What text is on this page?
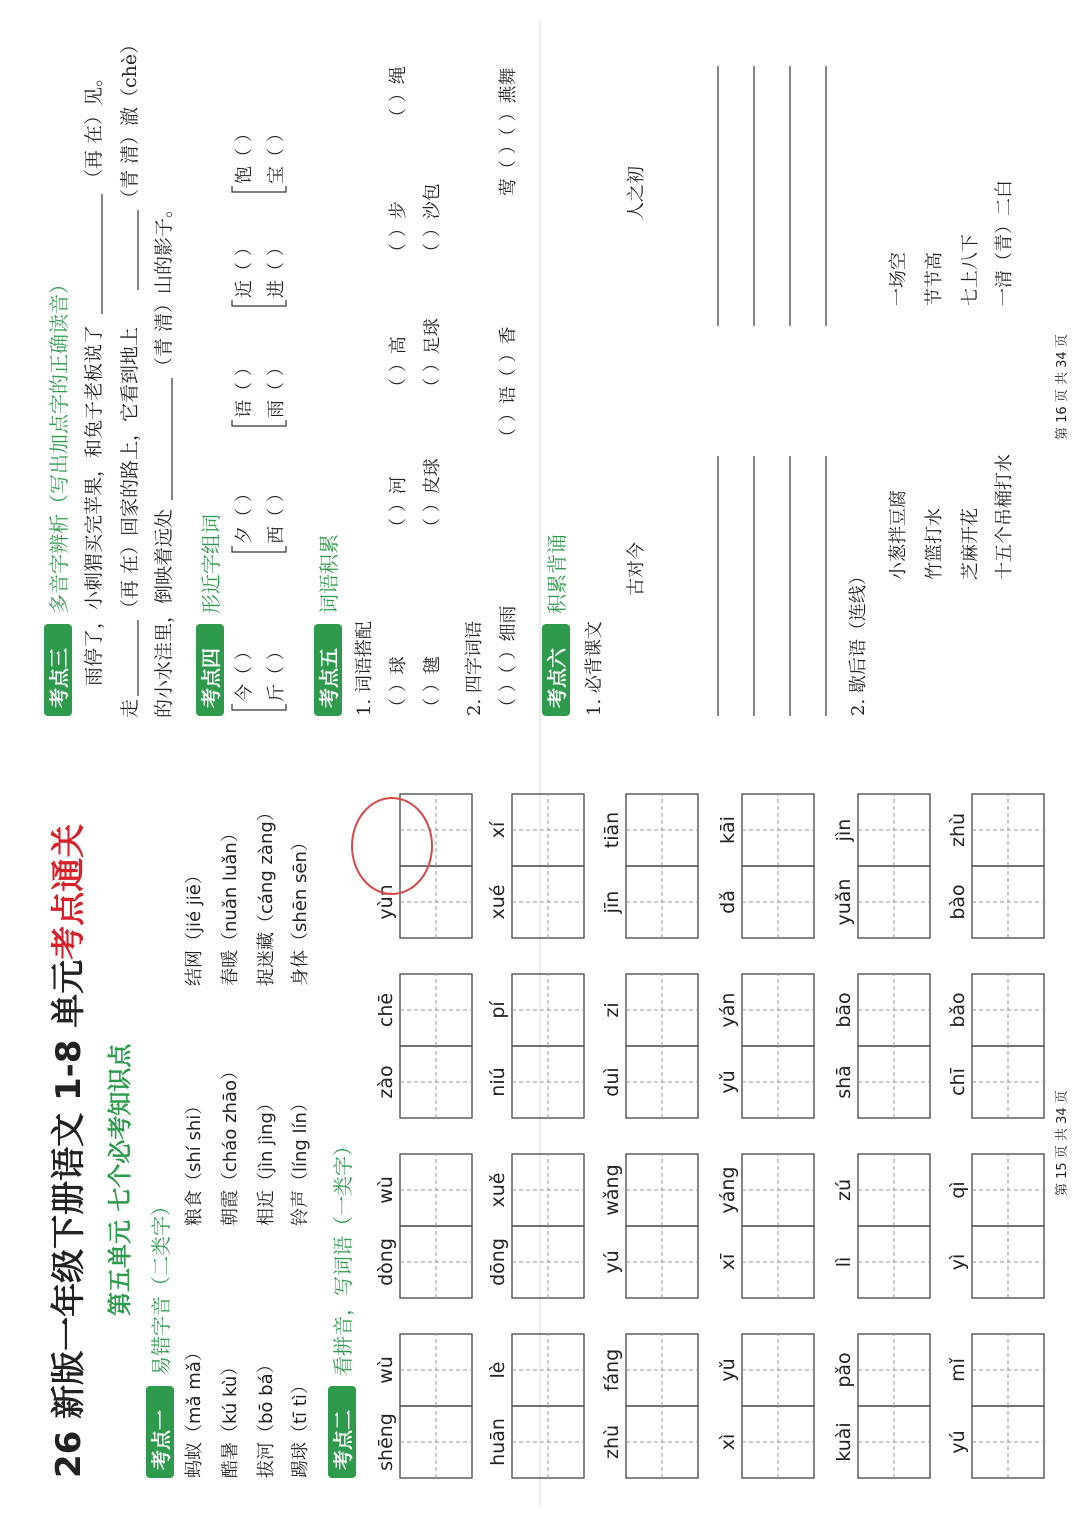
26 新版一年级下册语文 1-8 单元考点通关
第五单元 七个必考知识点
考点一
易错字音（二类字）
蚂蚁（mǎ mǎ） 酷暑（kú kù） 拔河（bō bá） 踢球（tī tì）
粮食（shí shi） 朝霞（cháo zhāo） 相近（jìn jìng） 铃声（líng lín）
结网（jié jiē） 春暖（nuǎn luǎn） 捉迷藏（cáng zàng） 身体（shēn sēn）
考点二
看拼音，写词语（一类字）
shēng
wù
dòng
wù
zào
chē
yùn
huān
lè
dōng
xuě
niú
pí
xué
xí
zhù
fáng
yú
wǎng
duì
zi
jīn
tiān
xì
yǔ
xī
yáng
yǔ
yán
dǎ
kāi
kuài
pǎo
lì
zú
shā
bāo
yuǎn
jìn
yú
mǐ
yì
qì
chī
bǎo
bào
zhù
第 15 页 共 34 页
考点三
多音字辨析（写出加点字的正确读音） 雨停了，小刺猬买完苹果，和兔子老板说了
（再 在）见。
走
（再 在）回家的路上，它看到地上
（青 清）澈（chè）
的小水洼里，倒映着远处
（青 清）山的影子。
考点四
形近字组词
今（ ） 斤（ ）
夕（ ） 西（ ）
语（ ） 雨（ ）
近（ ） 进（ ）
饱（ ） 宝（ ）
考点五
词语积累
1. 词语搭配 （ ）球
（ ）河
（ ）高
（ ）步
（ ）绳
（ ）毽
（ ）皮球
（ ）足球
（ ）沙包
2. 四字词语 （ ）（ ）细雨
（ ）语（ ）香
莺（ ）（ ）燕舞
考点六
积累背诵
1. 必背课文
古对今
人之初
2. 歇后语（连线）
小葱拌豆腐 竹篮打水 芝麻开花 十五个吊桶打水
一场空 节节高 七上八下 一清（青）二白
第 16 页 共 34 页
